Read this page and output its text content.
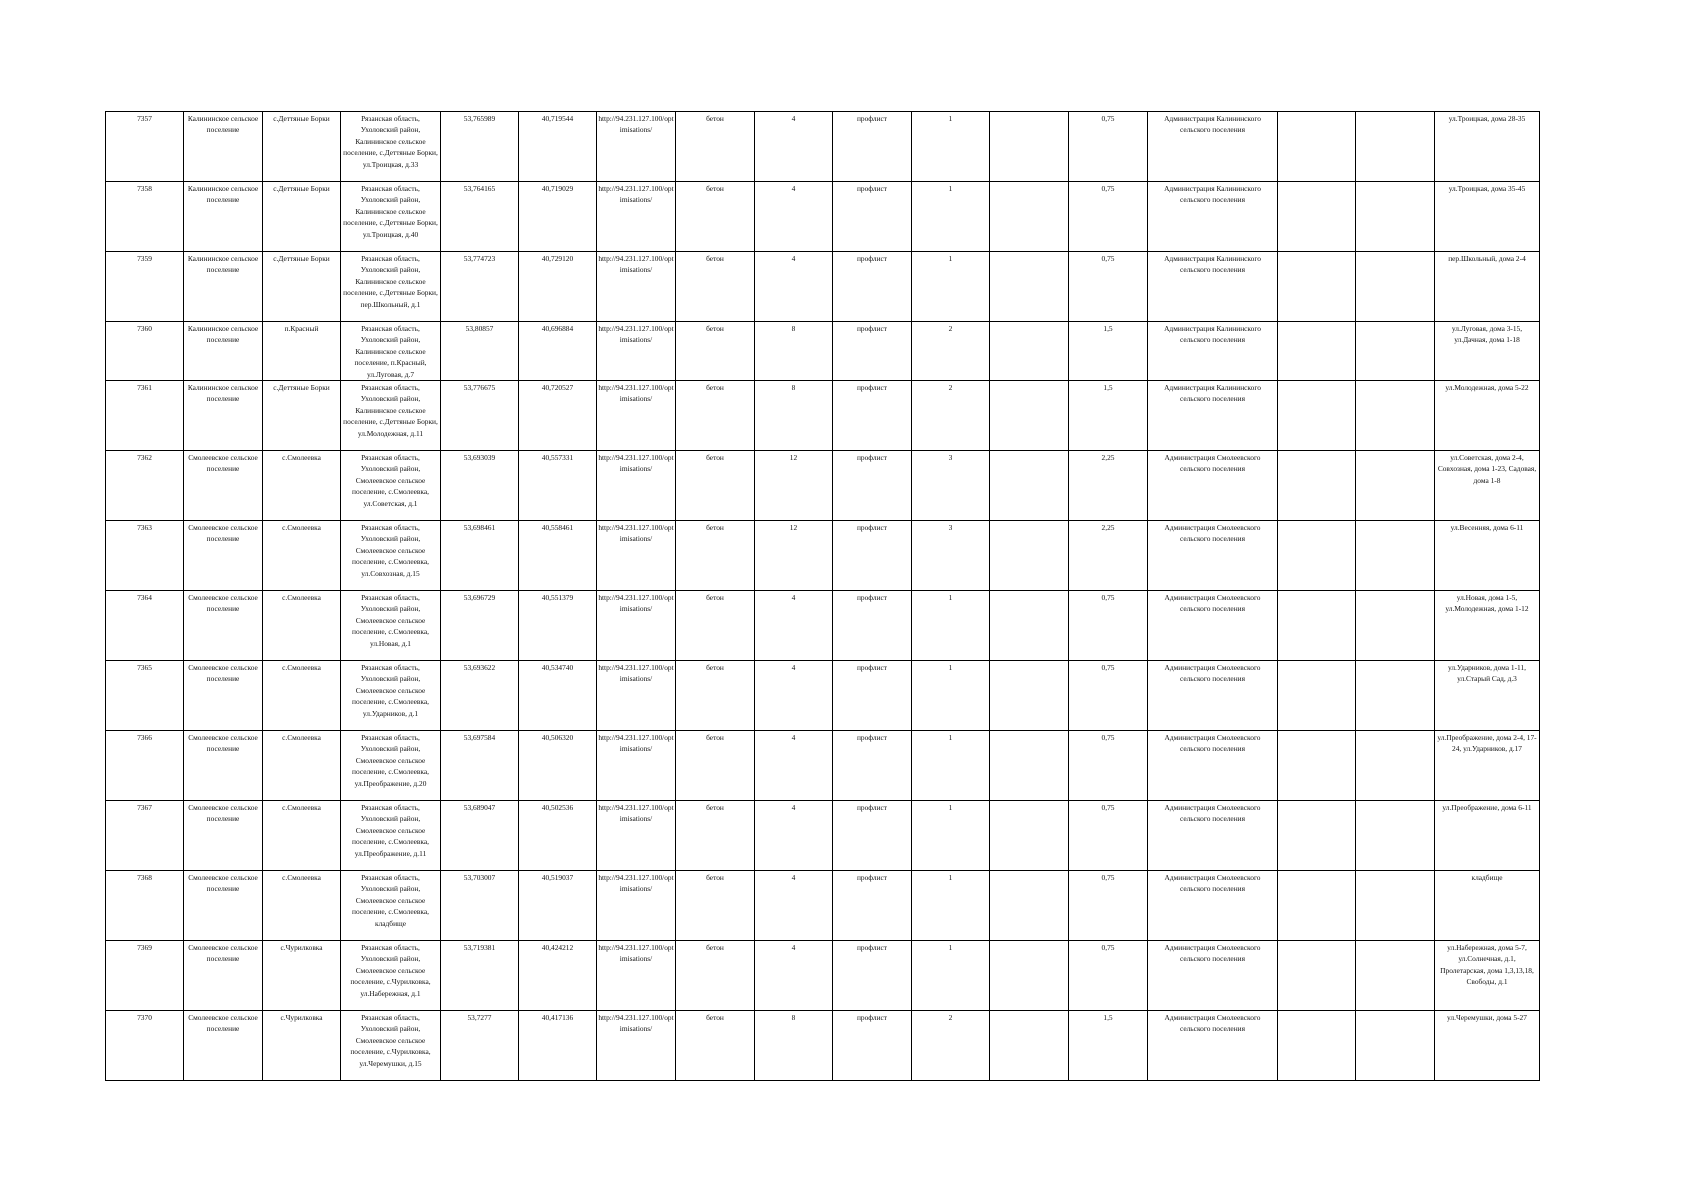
7357	Калининское сельское поселение	с.Деттяные Борки	Рязанская область, Ухоловский район, Калининское сельское поселение, с.Деттяные Борки, ул.Троицкая, д.33	53,765989	40,719544	http://94.231.127.100/optimisations/	бетон	4	профлист	1		0,75	Администрация Калининского сельского поселения			ул.Троицкая, дома 28-35
7358	Калининское сельское поселение	с.Деттяные Борки	Рязанская область, Ухоловский район, Калининское сельское поселение, с.Деттяные Борки, ул.Троицкая, д.40	53,764165	40,719029	http://94.231.127.100/optimisations/	бетон	4	профлист	1		0,75	Администрация Калининского сельского поселения			ул.Троицкая, дома 35-45
7359	Калининское сельское поселение	с.Деттяные Борки	Рязанская область, Ухоловский район, Калининское сельское поселение, с.Деттяные Борки, пер.Школьный, д.1	53,774723	40,729120	http://94.231.127.100/optimisations/	бетон	4	профлист	1		0,75	Администрация Калининского сельского поселения			пер.Школьный, дома 2-4
7360	Калининское сельское поселение	п.Красный	Рязанская область, Ухоловский район, Калининское сельское поселение, п.Красный, ул.Луговая, д.7	53,80857	40,696884	http://94.231.127.100/optimisations/	бетон	8	профлист	2		1,5	Администрация Калининского сельского поселения			ул.Луговая, дома 3-15, ул.Дачная, дома 1-18
7361	Калининское сельское поселение	с.Деттяные Борки	Рязанская область, Ухоловский район, Калининское сельское поселение, с.Деттяные Борки, ул.Молодежная, д.11	53,776675	40,720527	http://94.231.127.100/optimisations/	бетон	8	профлист	2		1,5	Администрация Калининского сельского поселения			ул.Молодежная, дома 5-22
7362	Смолеевское сельское поселение	с.Смолеевка	Рязанская область, Ухоловский район, Смолеевское сельское поселение, с.Смолеевка, ул.Советская, д.1	53,693039	40,557331	http://94.231.127.100/optimisations/	бетон	12	профлист	3		2,25	Администрация Смолеевского сельского поселения			ул.Советская, дома 2-4, Совхозная, дома 1-23, Садовая, дома 1-8
7363	Смолеевское сельское поселение	с.Смолеевка	Рязанская область, Ухоловский район, Смолеевское сельское поселение, с.Смолеевка, ул.Совхозная, д.15	53,698461	40,558461	http://94.231.127.100/optimisations/	бетон	12	профлист	3		2,25	Администрация Смолеевского сельского поселения			ул.Весенняя, дома 6-11
7364	Смолеевское сельское поселение	с.Смолеевка	Рязанская область, Ухоловский район, Смолеевское сельское поселение, с.Смолеевка, ул.Новая, д.1	53,696729	40,551379	http://94.231.127.100/optimisations/	бетон	4	профлист	1		0,75	Администрация Смолеевского сельского поселения			ул.Новая, дома 1-5, ул.Молодежная, дома 1-12
7365	Смолеевское сельское поселение	с.Смолеевка	Рязанская область, Ухоловский район, Смолеевское сельское поселение, с.Смолеевка, ул.Ударников, д.1	53,693622	40,534740	http://94.231.127.100/optimisations/	бетон	4	профлист	1		0,75	Администрация Смолеевского сельского поселения			ул.Ударников, дома 1-11, ул.Старый Сад, д.3
7366	Смолеевское сельское поселение	с.Смолеевка	Рязанская область, Ухоловский район, Смолеевское сельское поселение, с.Смолеевка, ул.Преображение, д.20	53,697584	40,506320	http://94.231.127.100/optimisations/	бетон	4	профлист	1		0,75	Администрация Смолеевского сельского поселения			ул.Преображение, дома 2-4, 17-24, ул.Ударников, д.17
7367	Смолеевское сельское поселение	с.Смолеевка	Рязанская область, Ухоловский район, Смолеевское сельское поселение, с.Смолеевка, ул.Преображение, д.11	53,689047	40,502536	http://94.231.127.100/optimisations/	бетон	4	профлист	1		0,75	Администрация Смолеевского сельского поселения			ул.Преображение, дома 6-11
7368	Смолеевское сельское поселение	с.Смолеевка	Рязанская область, Ухоловский район, Смолеевское сельское поселение, с.Смолеевка, кладбище	53,703007	40,519037	http://94.231.127.100/optimisations/	бетон	4	профлист	1		0,75	Администрация Смолеевского сельского поселения			кладбище
7369	Смолеевское сельское поселение	с.Чурилковка	Рязанская область, Ухоловский район, Смолеевское сельское поселение, с.Чурилковка, ул.Набережная, д.1	53,719381	40,424212	http://94.231.127.100/optimisations/	бетон	4	профлист	1		0,75	Администрация Смолеевского сельского поселения			ул.Набережная, дома 5-7, ул.Солнечная, д.1, Пролетарская, дома 1,3,13,18, Свободы, д.1
7370	Смолеевское сельское поселение	с.Чурилковка	Рязанская область, Ухоловский район, Смолеевское сельское поселение, с.Чурилковка, ул.Черемушки, д.15	53,7277	40,417136	http://94.231.127.100/optimisations/	бетон	8	профлист	2		1,5	Администрация Смолеевского сельского поселения			ул.Черемушки, дома 5-27
